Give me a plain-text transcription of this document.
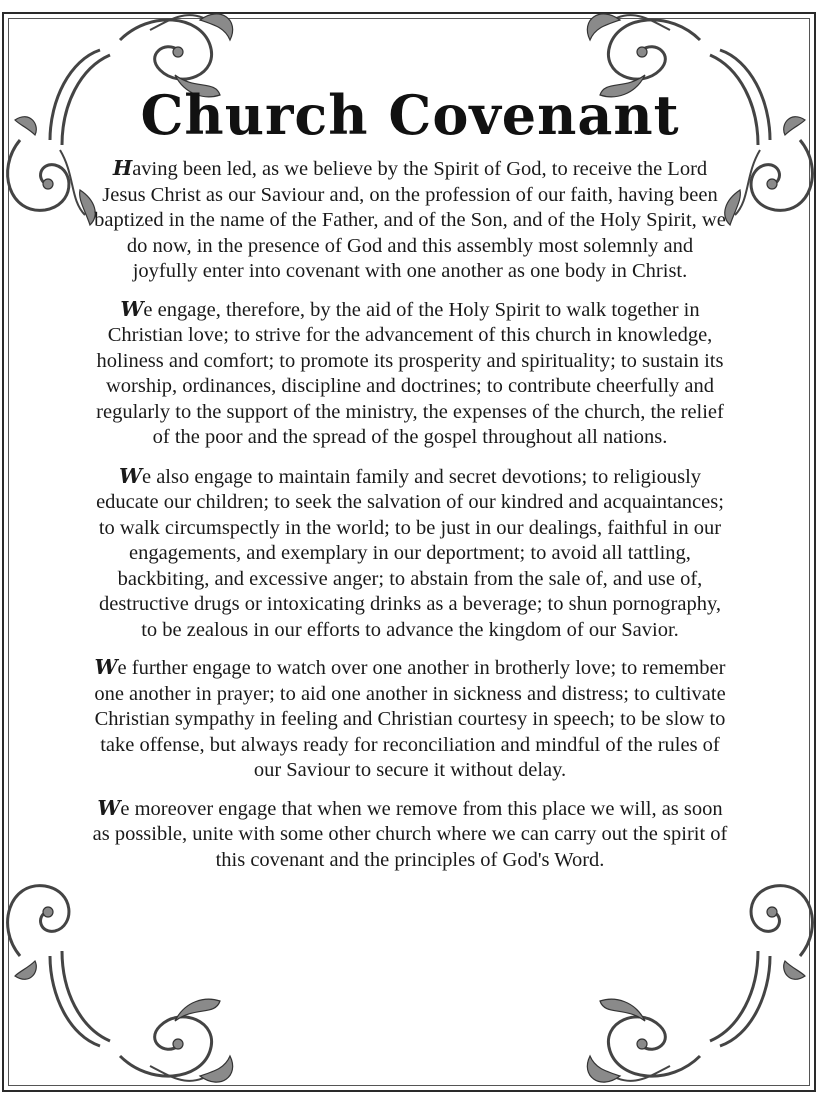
Church Covenant

Having been led, as we believe by the Spirit of God, to receive the Lord Jesus Christ as our Saviour and, on the profession of our faith, having been baptized in the name of the Father, and of the Son, and of the Holy Spirit, we do now, in the presence of God and this assembly most solemnly and joyfully enter into covenant with one another as one body in Christ.

We engage, therefore, by the aid of the Holy Spirit to walk together in Christian love; to strive for the advancement of this church in knowledge, holiness and comfort; to promote its prosperity and spirituality; to sustain its worship, ordinances, discipline and doctrines; to contribute cheerfully and regularly to the support of the ministry, the expenses of the church, the relief of the poor and the spread of the gospel throughout all nations.

We also engage to maintain family and secret devotions; to religiously educate our children; to seek the salvation of our kindred and acquaintances; to walk circumspectly in the world; to be just in our dealings, faithful in our engagements, and exemplary in our deportment; to avoid all tattling, backbiting, and excessive anger; to abstain from the sale of, and use of, destructive drugs or intoxicating drinks as a beverage; to shun pornography, to be zealous in our efforts to advance the kingdom of our Savior.

We further engage to watch over one another in brotherly love; to remember one another in prayer; to aid one another in sickness and distress; to cultivate Christian sympathy in feeling and Christian courtesy in speech; to be slow to take offense, but always ready for reconciliation and mindful of the rules of our Saviour to secure it without delay.

We moreover engage that when we remove from this place we will, as soon as possible, unite with some other church where we can carry out the spirit of this covenant and the principles of God's Word.
